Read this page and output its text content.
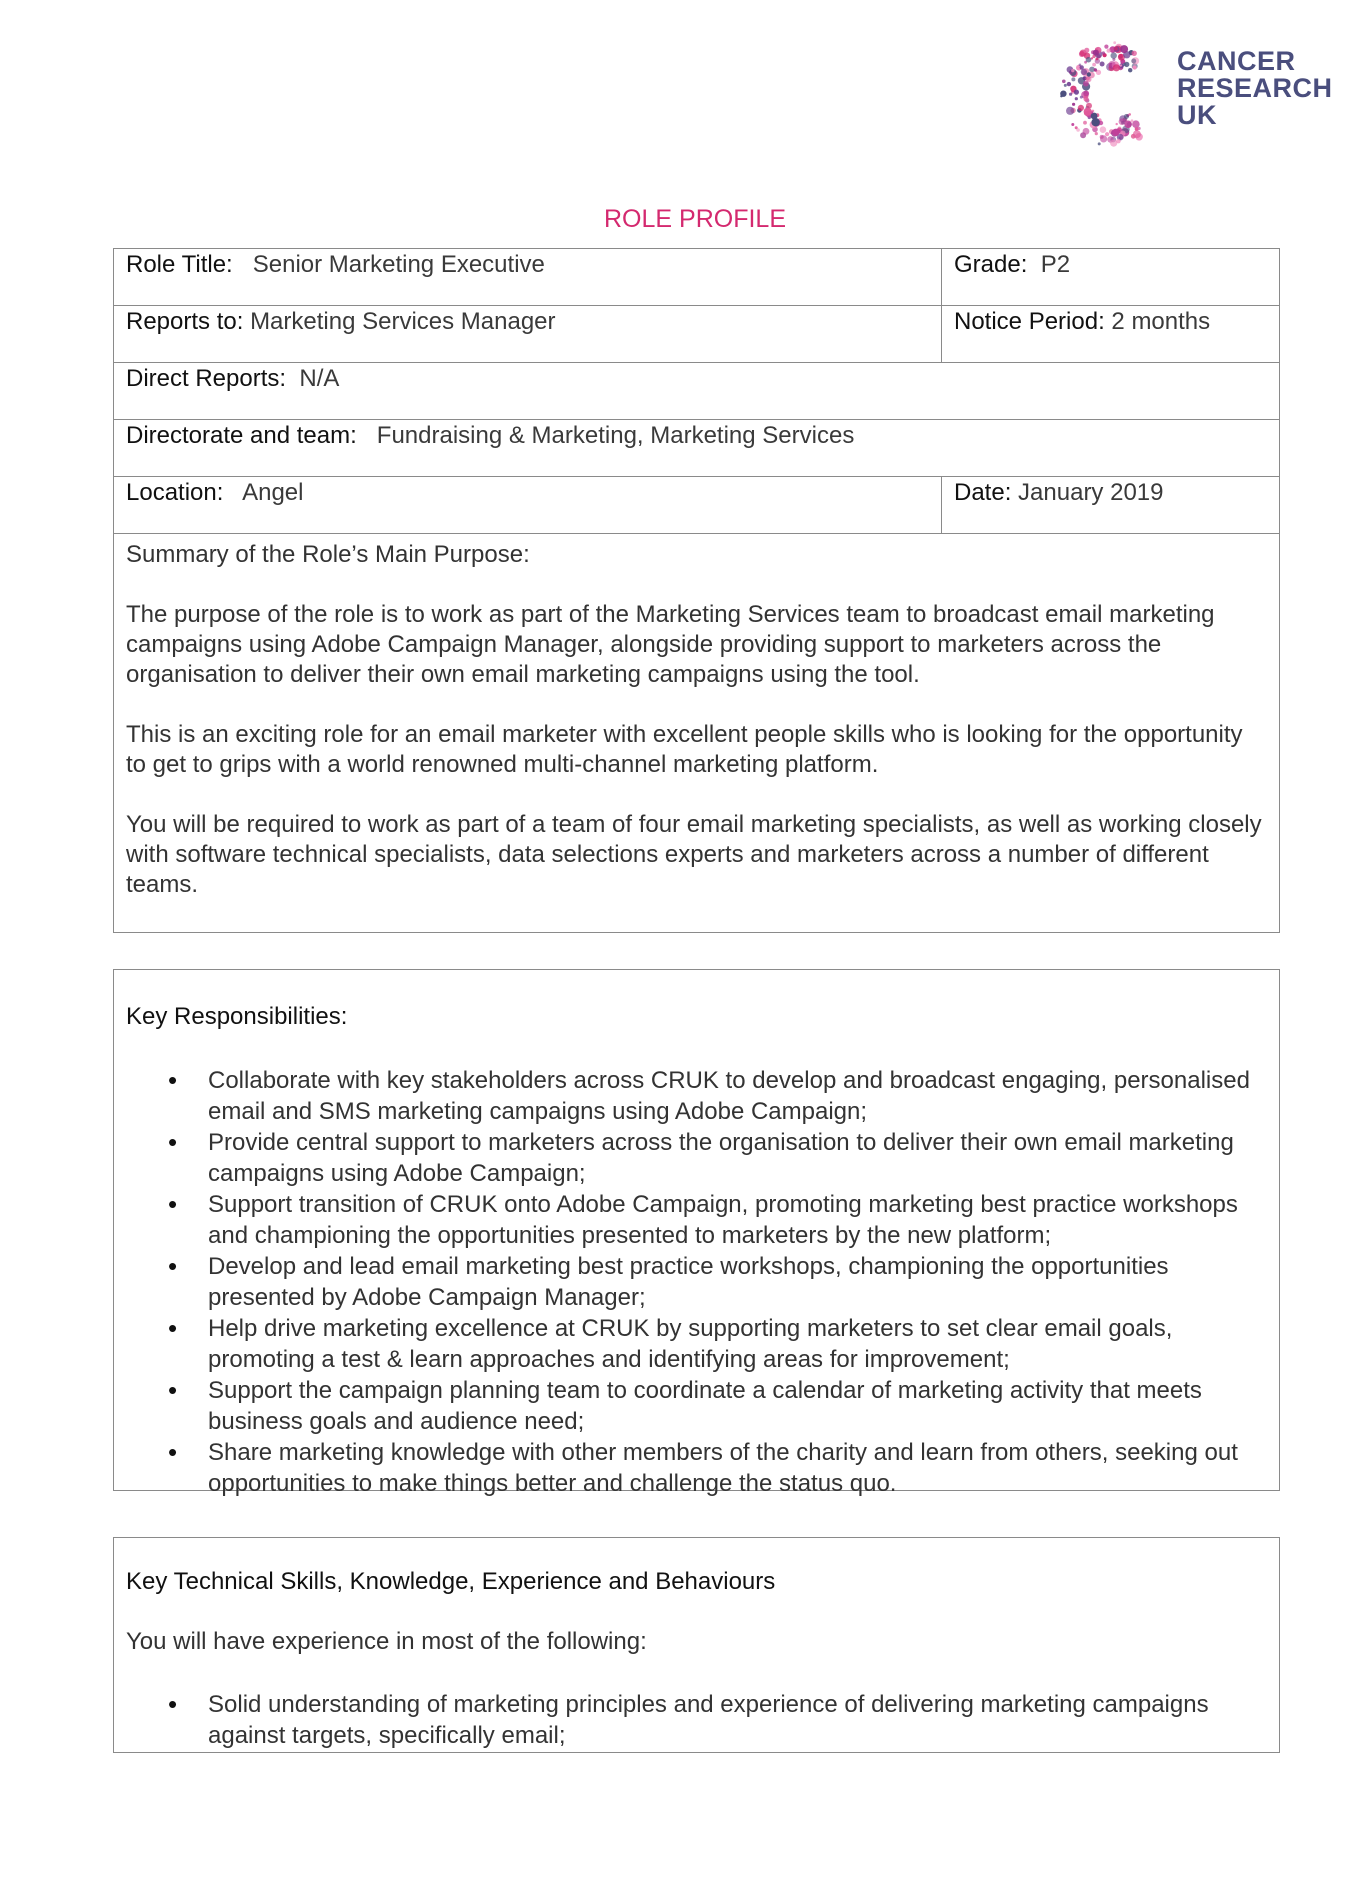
CANCER
RESEARCH
UK
ROLE PROFILE
Role Title: Senior Marketing Executive	Grade: P2
Reports to: Marketing Services Manager	Notice Period: 2 months
Direct Reports: N/A	
Directorate and team: Fundraising & Marketing, Marketing Services	
Location: Angel	Date: January 2019

Summary of the Role’s Main Purpose:

The purpose of the role is to work as part of the Marketing Services team to broadcast email marketing campaigns using Adobe Campaign Manager, alongside providing support to marketers across the organisation to deliver their own email marketing campaigns using the tool.

This is an exciting role for an email marketer with excellent people skills who is looking for the opportunity to get to grips with a world renowned multi-channel marketing platform.

You will be required to work as part of a team of four email marketing specialists, as well as working closely with software technical specialists, data selections experts and marketers across a number of different teams.	

Key Responsibilities:
• Collaborate with key stakeholders across CRUK to develop and broadcast engaging, personalised email and SMS marketing campaigns using Adobe Campaign;
• Provide central support to marketers across the organisation to deliver their own email marketing campaigns using Adobe Campaign;
• Support transition of CRUK onto Adobe Campaign, promoting marketing best practice workshops and championing the opportunities presented to marketers by the new platform;
• Develop and lead email marketing best practice workshops, championing the opportunities presented by Adobe Campaign Manager;
• Help drive marketing excellence at CRUK by supporting marketers to set clear email goals, promoting a test & learn approaches and identifying areas for improvement;
• Support the campaign planning team to coordinate a calendar of marketing activity that meets business goals and audience need;
• Share marketing knowledge with other members of the charity and learn from others, seeking out opportunities to make things better and challenge the status quo.
Key Technical Skills, Knowledge, Experience and Behaviours
You will have experience in most of the following:
• Solid understanding of marketing principles and experience of delivering marketing campaigns against targets, specifically email;
